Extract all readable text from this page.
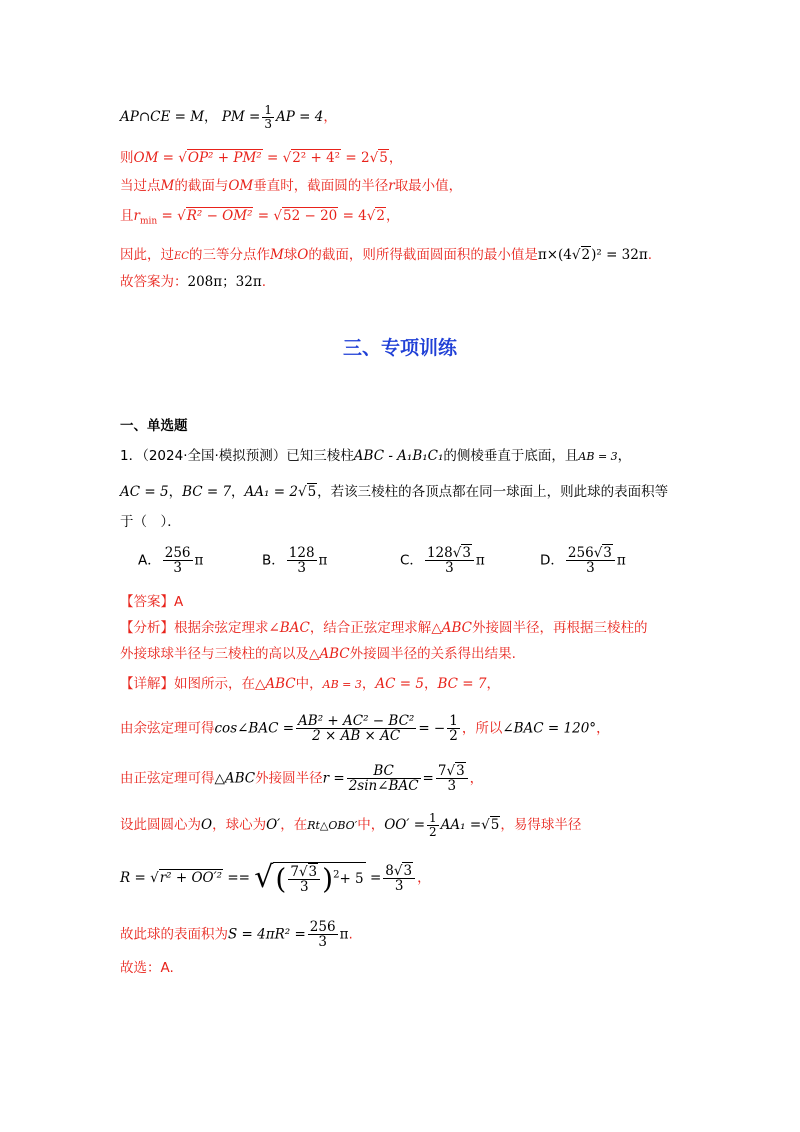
AP∩CE = M， PM = $\frac{1}{3}$ AP = 4，
则OM = √OP² + PM² = √2² + 4² = 2√5，
当过点M的截面与OM垂直时，截面圆的半径r取最小值，
且$r_{min} = √R^2 - OM^2 = √52 - 20 = 4√2$，
因此，过EC的三等分点作M球O的截面，则所得截面圆面积的最小值是π×(4√2)² = 32π.
故答案为：208π；32π.
三、专项训练
一、单选题
1．（2024·全国·模拟预测）已知三棱柱ABC - A₁B₁C₁的侧棱垂直于底面，且AB = 3，
AC = 5，BC = 7，AA₁ = 2√5，若该三棱柱的各顶点都在同一球面上，则此球的表面积等
于（　）．
A． $\frac{256}{3}$ π	B． $\frac{128}{3}$ π	C． $\frac{128√3}{3}$ π	D． $\frac{256√3}{3}$ π
【答案】A
【分析】根据余弦定理求∠BAC，结合正弦定理求解△ABC外接圆半径，再根据三棱柱的
外接球球半径与三棱柱的高以及△ABC外接圆半径的关系得出结果.
【详解】如图所示，在△ABC中，AB = 3，AC = 5，BC = 7，
由余弦定理可得cos∠BAC = $\frac{\text{AB² + AC² − BC²}}{2 \times AB \times AC}$ = − $\frac{1}{2}$ ，所以∠BAC = 120°，
由正弦定理可得△ABC外接圆半径$r = \frac{BC}{\text{2sin∠BAC}} = \frac{7√3}{3}$ ，
设此圆圆心为O，球心为O′，在Rt△OBO′中，$OO' = \frac{1}{2} AA_1 =√5$，易得球半径
R = √r² + OO′² == √( $\frac{7√3}{3} )^2+ 5 = \frac{8√3}{3}$ ，
故此球的表面积为$S = 4\pi R^2 = \frac{256}{3} \pi$.
故选：A.
